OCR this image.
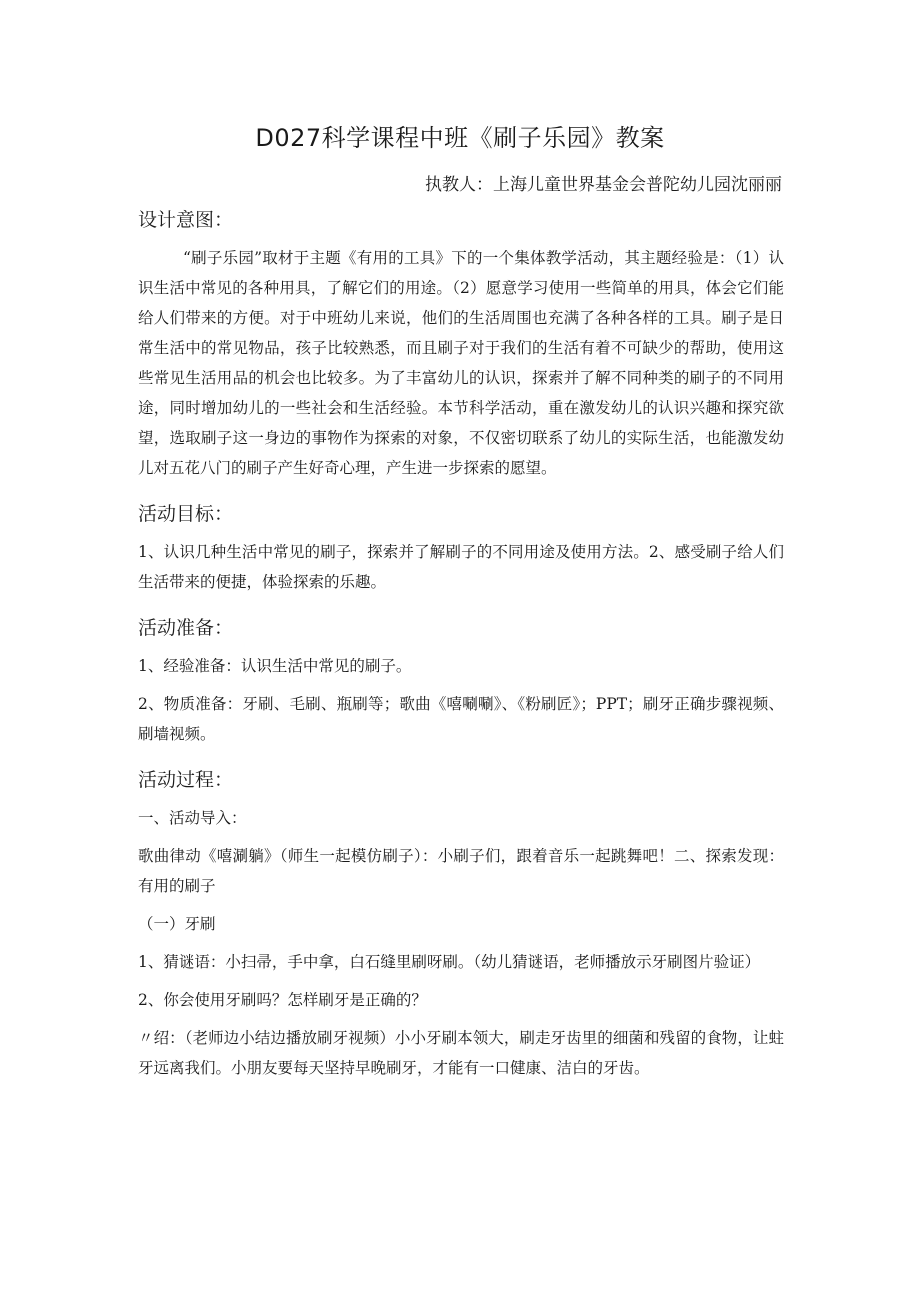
D027科学课程中班《刷子乐园》教案
执教人：上海儿童世界基金会普陀幼儿园沈丽丽
设计意图：

“刷子乐园”取材于主题《有用的工具》下的一个集体教学活动，其主题经验是：（1）认识生活中常见的各种用具，了解它们的用途。（2）愿意学习使用一些简单的用具，体会它们能给人们带来的方便。对于中班幼儿来说，他们的生活周围也充满了各种各样的工具。刷子是日常生活中的常见物品，孩子比较熟悉，而且刷子对于我们的生活有着不可缺少的帮助，使用这些常见生活用品的机会也比较多。为了丰富幼儿的认识，探索并了解不同种类的刷子的不同用途，同时增加幼儿的一些社会和生活经验。本节科学活动，重在激发幼儿的认识兴趣和探究欲望，选取刷子这一身边的事物作为探索的对象，不仅密切联系了幼儿的实际生活，也能激发幼儿对五花八门的刷子产生好奇心理，产生进一步探索的愿望。

活动目标：

1、认识几种生活中常见的刷子，探索并了解刷子的不同用途及使用方法。2、感受刷子给人们生活带来的便捷，体验探索的乐趣。

活动准备：

1、经验准备：认识生活中常见的刷子。

2、物质准备：牙刷、毛刷、瓶刷等；歌曲《嘻唰唰》、《粉刷匠》；PPT；刷牙正确步骤视频、刷墙视频。

活动过程：

一、活动导入：

歌曲律动《嘻涮躺》（师生一起模仿刷子）：小刷子们，跟着音乐一起跳舞吧！二、探索发现：有用的刷子

（一）牙刷

1、猜谜语：小扫帚，手中拿，白石缝里刷呀刷。（幼儿猜谜语，老师播放示牙刷图片验证）

2、你会使用牙刷吗？怎样刷牙是正确的？

〃绍：（老师边小结边播放刷牙视频）小小牙刷本领大，刷走牙齿里的细菌和残留的食物，让蛀牙远离我们。小朋友要每天坚持早晚刷牙，才能有一口健康、洁白的牙齿。
